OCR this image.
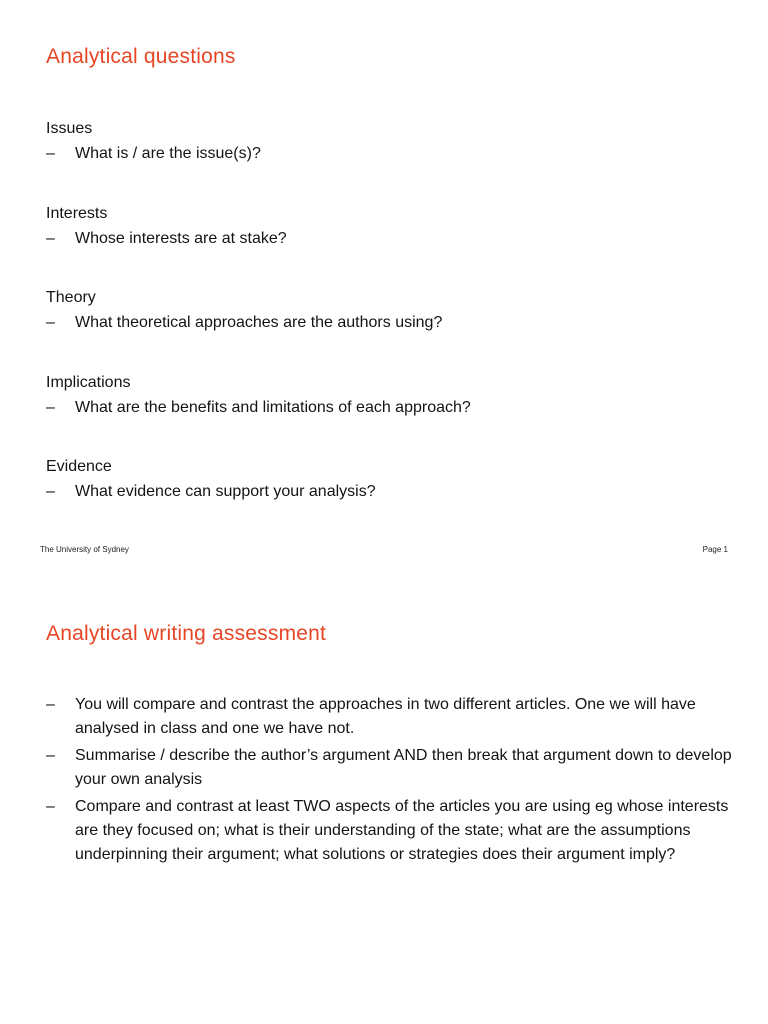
Analytical questions
Issues
–	What is / are the issue(s)?
Interests
–	Whose interests are at stake?
Theory
–	What theoretical approaches are the authors using?
Implications
–	What are the benefits and limitations of each approach?
Evidence
–	What evidence can support your analysis?
The University of Sydney	Page 1
Analytical writing assessment
–	You will compare and contrast the approaches in two different articles. One we will have analysed in class and one we have not.
–	Summarise / describe the author’s argument AND then break that argument down to develop your own analysis
–	Compare and contrast at least TWO aspects of the articles you are using eg whose interests are they focused on; what is their understanding of the state; what are the assumptions underpinning their argument; what solutions or strategies does their argument imply?
